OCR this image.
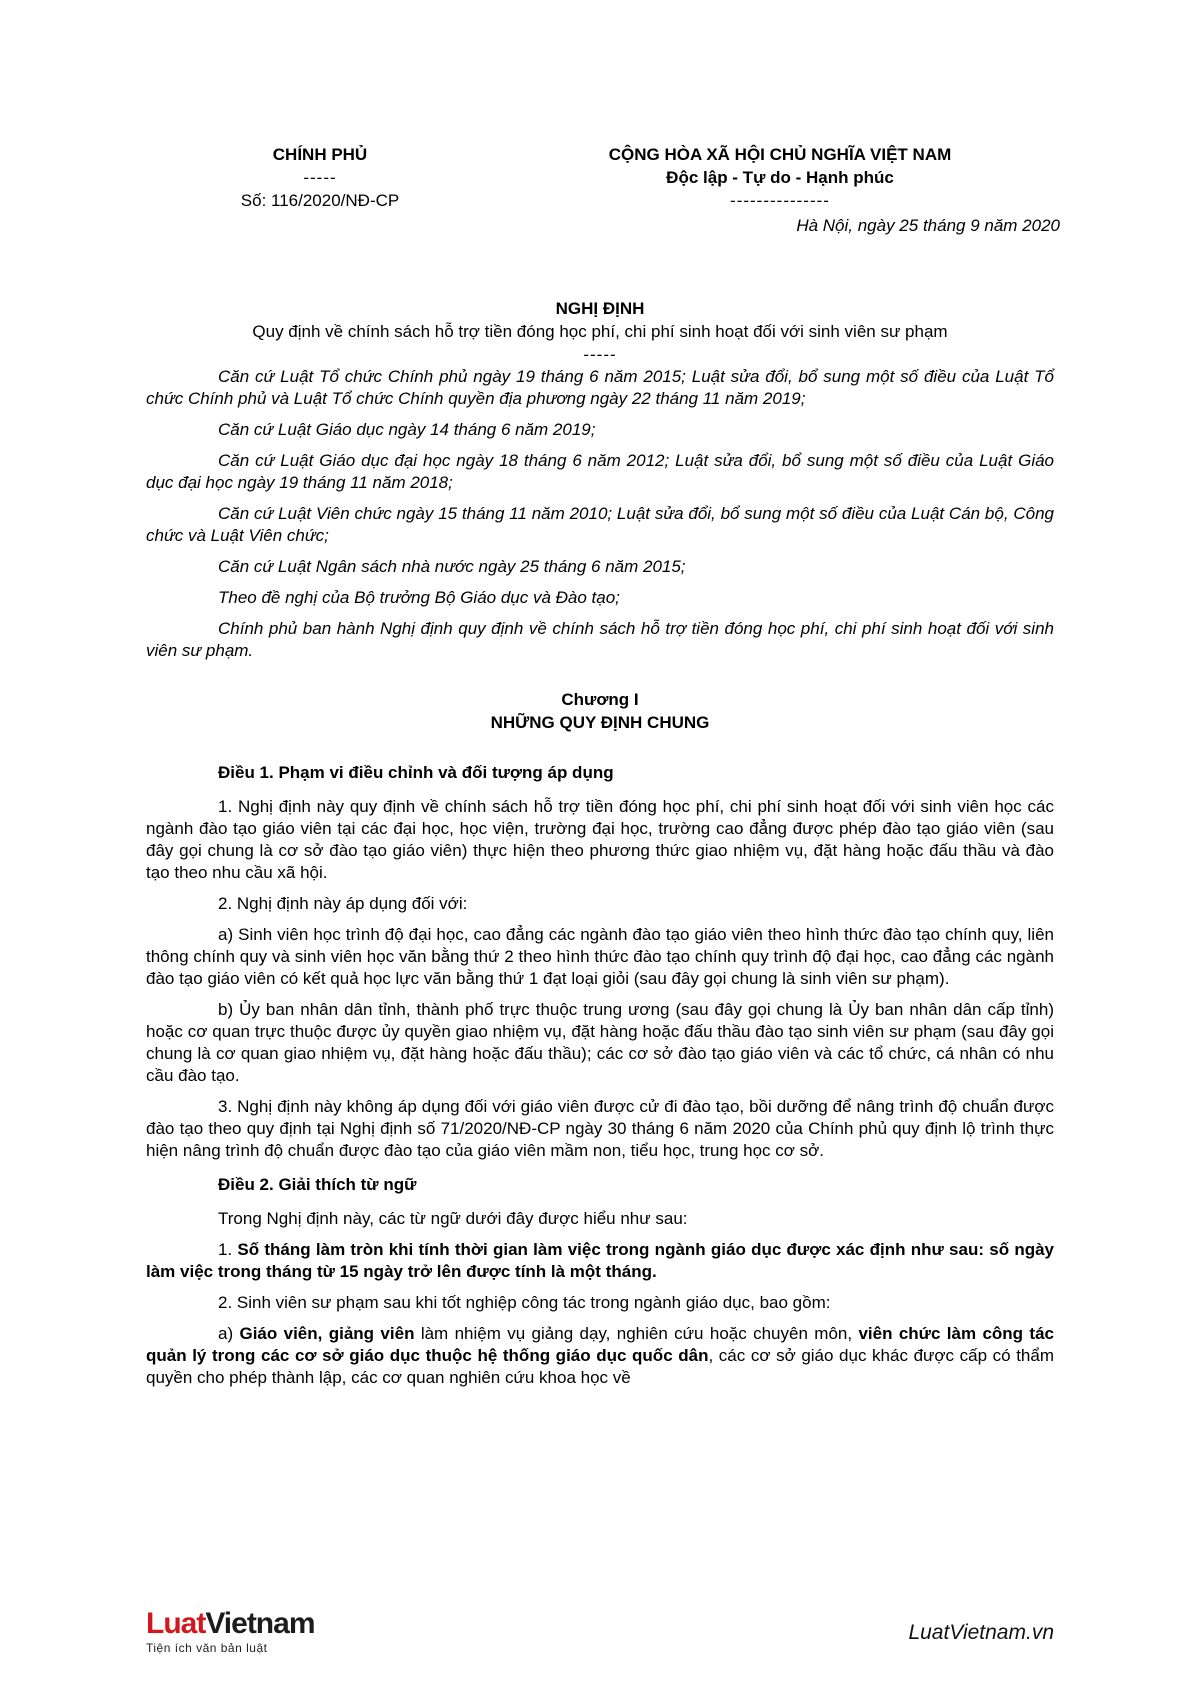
CHÍNH PHỦ
-----
Số: 116/2020/NĐ-CP
CỘNG HÒA XÃ HỘI CHỦ NGHĨA VIỆT NAM
Độc lập - Tự do - Hạnh phúc
---------------
Hà Nội, ngày 25 tháng 9 năm 2020
NGHỊ ĐỊNH
Quy định về chính sách hỗ trợ tiền đóng học phí, chi phí sinh hoạt đối với sinh viên sư phạm
-----

Căn cứ Luật Tổ chức Chính phủ ngày 19 tháng 6 năm 2015; Luật sửa đổi, bổ sung một số điều của Luật Tổ chức Chính phủ và Luật Tổ chức Chính quyền địa phương ngày 22 tháng 11 năm 2019;

Căn cứ Luật Giáo dục ngày 14 tháng 6 năm 2019;

Căn cứ Luật Giáo dục đại học ngày 18 tháng 6 năm 2012; Luật sửa đổi, bổ sung một số điều của Luật Giáo dục đại học ngày 19 tháng 11 năm 2018;

Căn cứ Luật Viên chức ngày 15 tháng 11 năm 2010; Luật sửa đổi, bổ sung một số điều của Luật Cán bộ, Công chức và Luật Viên chức;

Căn cứ Luật Ngân sách nhà nước ngày 25 tháng 6 năm 2015;

Theo đề nghị của Bộ trưởng Bộ Giáo dục và Đào tạo;

Chính phủ ban hành Nghị định quy định về chính sách hỗ trợ tiền đóng học phí, chi phí sinh hoạt đối với sinh viên sư phạm.

Chương I
NHỮNG QUY ĐỊNH CHUNG
Điều 1. Phạm vi điều chỉnh và đối tượng áp dụng

1. Nghị định này quy định về chính sách hỗ trợ tiền đóng học phí, chi phí sinh hoạt đối với sinh viên học các ngành đào tạo giáo viên tại các đại học, học viện, trường đại học, trường cao đẳng được phép đào tạo giáo viên (sau đây gọi chung là cơ sở đào tạo giáo viên) thực hiện theo phương thức giao nhiệm vụ, đặt hàng hoặc đấu thầu và đào tạo theo nhu cầu xã hội.

2. Nghị định này áp dụng đối với:

a) Sinh viên học trình độ đại học, cao đẳng các ngành đào tạo giáo viên theo hình thức đào tạo chính quy, liên thông chính quy và sinh viên học văn bằng thứ 2 theo hình thức đào tạo chính quy trình độ đại học, cao đẳng các ngành đào tạo giáo viên có kết quả học lực văn bằng thứ 1 đạt loại giỏi (sau đây gọi chung là sinh viên sư phạm).

b) Ủy ban nhân dân tỉnh, thành phố trực thuộc trung ương (sau đây gọi chung là Ủy ban nhân dân cấp tỉnh) hoặc cơ quan trực thuộc được ủy quyền giao nhiệm vụ, đặt hàng hoặc đấu thầu đào tạo sinh viên sư phạm (sau đây gọi chung là cơ quan giao nhiệm vụ, đặt hàng hoặc đấu thầu); các cơ sở đào tạo giáo viên và các tổ chức, cá nhân có nhu cầu đào tạo.

3. Nghị định này không áp dụng đối với giáo viên được cử đi đào tạo, bồi dưỡng để nâng trình độ chuẩn được đào tạo theo quy định tại Nghị định số 71/2020/NĐ-CP ngày 30 tháng 6 năm 2020 của Chính phủ quy định lộ trình thực hiện nâng trình độ chuẩn được đào tạo của giáo viên mầm non, tiểu học, trung học cơ sở.

Điều 2. Giải thích từ ngữ

Trong Nghị định này, các từ ngữ dưới đây được hiểu như sau:

1. Số tháng làm tròn khi tính thời gian làm việc trong ngành giáo dục được xác định như sau: số ngày làm việc trong tháng từ 15 ngày trở lên được tính là một tháng.

2. Sinh viên sư phạm sau khi tốt nghiệp công tác trong ngành giáo dục, bao gồm:

a) Giáo viên, giảng viên làm nhiệm vụ giảng dạy, nghiên cứu hoặc chuyên môn, viên chức làm công tác quản lý trong các cơ sở giáo dục thuộc hệ thống giáo dục quốc dân, các cơ sở giáo dục khác được cấp có thẩm quyền cho phép thành lập, các cơ quan nghiên cứu khoa học về

LuatVietnam
Tiện ích văn bản luật
LuatVietnam.vn
